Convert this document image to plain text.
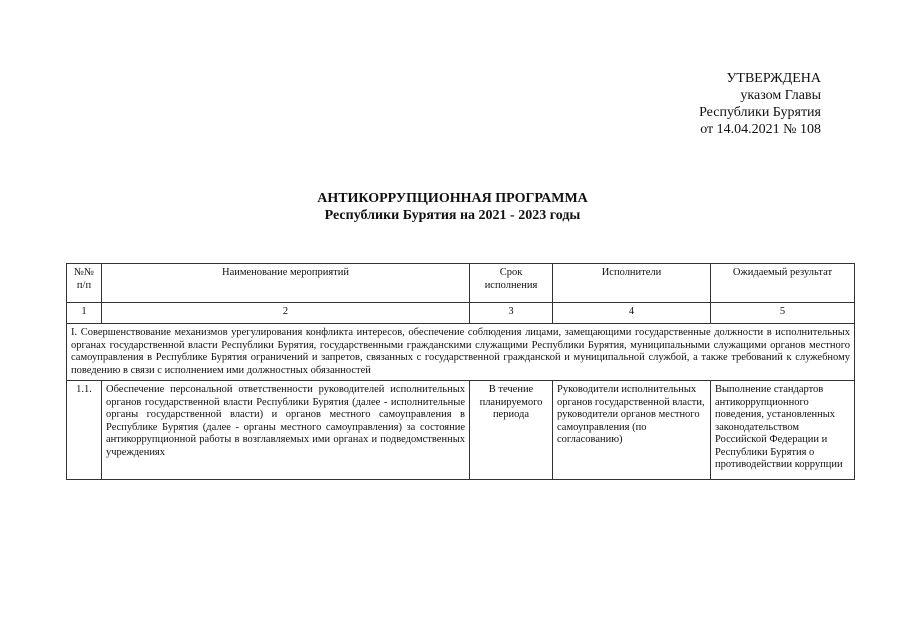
УТВЕРЖДЕНА
указом Главы
Республики Бурятия
от 14.04.2021 № 108
АНТИКОРРУПЦИОННАЯ ПРОГРАММА
Республики Бурятия на 2021 - 2023 годы
№№ п/п	Наименование мероприятий	Срок исполнения	Исполнители	Ожидаемый результат
1	2	3	4	5
I. Совершенствование механизмов урегулирования конфликта интересов, обеспечение соблюдения лицами, замещающими государственные должности в исполнительных органах государственной власти Республики Бурятия, государственными гражданскими служащими Республики Бурятия, муниципальными служащими органов местного самоуправления в Республике Бурятия ограничений и запретов, связанных с государственной гражданской и муниципальной службой, а также требований к служебному поведению в связи с исполнением ими должностных обязанностей				
1.1.	Обеспечение персональной ответственности руководителей исполнительных органов государственной власти Республики Бурятия (далее - исполнительные органы государственной власти) и органов местного самоуправления в Республике Бурятия (далее - органы местного самоуправления) за состояние антикоррупционной работы в возглавляемых ими органах и подведомственных учреждениях	В течение планируемого периода	Руководители исполнительных органов государственной власти, руководители органов местного самоуправления (по согласованию)	Выполнение стандартов антикоррупционного поведения, установленных законодательством Российской Федерации и Республики Бурятия о противодействии коррупции
